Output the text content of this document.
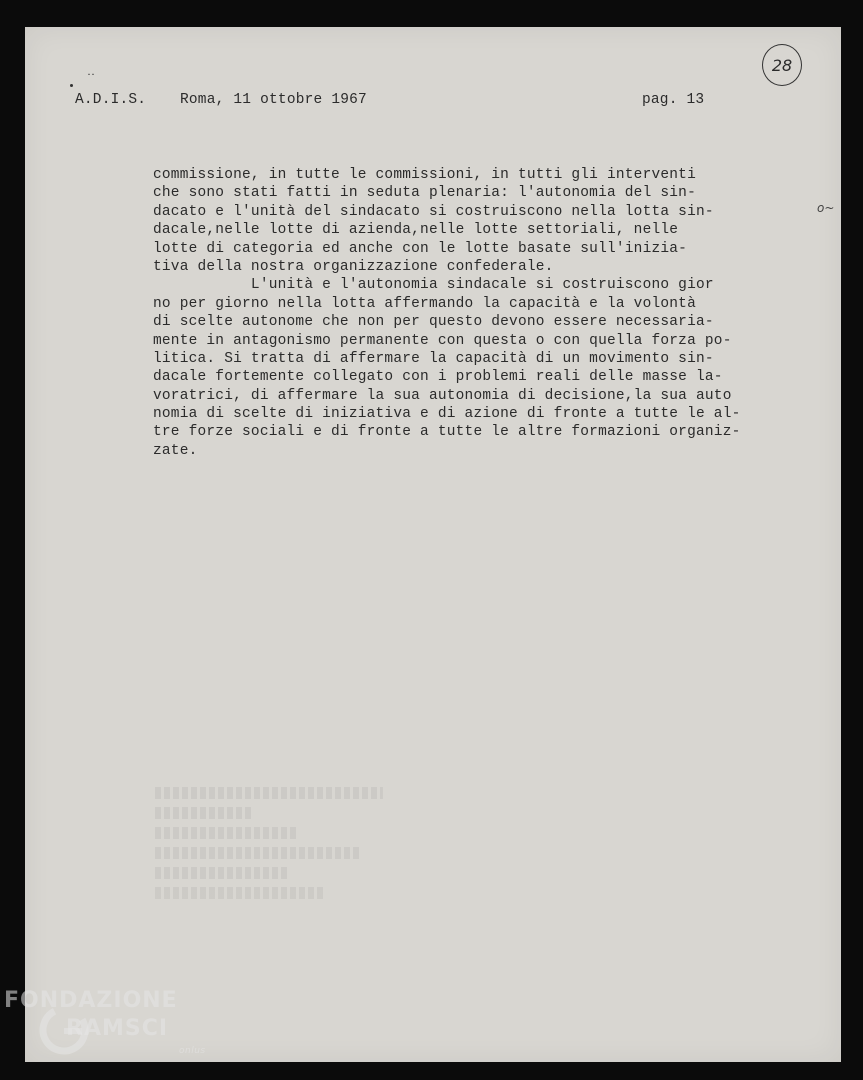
··
A.D.I.S. Roma, 11 ottobre 1967	pag. 13
28
o~
commissione, in tutte le commissioni, in tutti gli interventi
che sono stati fatti in seduta plenaria: l'autonomia del sin-
dacato e l'unità del sindacato si costruiscono nella lotta sin-
dacale,nelle lotte di azienda,nelle lotte settoriali, nelle
lotte di categoria ed anche con le lotte basate sull'inizia-
tiva della nostra organizzazione confederale.
L'unità e l'autonomia sindacale si costruiscono gior
no per giorno nella lotta affermando la capacità e la volontà
di scelte autonome che non per questo devono essere necessaria-
mente in antagonismo permanente con questa o con quella forza po-
litica. Si tratta di affermare la capacità di un movimento sin-
dacale fortemente collegato con i problemi reali delle masse la-
voratrici, di affermare la sua autonomia di decisione,la sua auto
nomia di scelte di iniziativa e di azione di fronte a tutte le al-
tre forze sociali e di fronte a tutte le altre formazioni organiz-
zate.
FONDAZIONE
RAMSCI
onlus
